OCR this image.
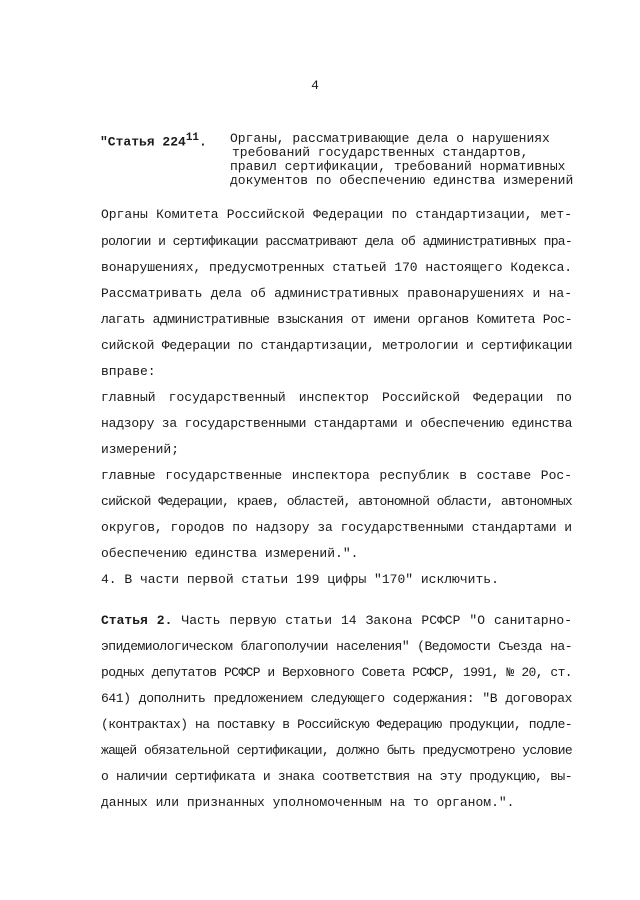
4
"Статья $224^{11}$. Органы, рассматривающие дела о нарушениях
требований государственных стандартов,
правил сертификации, требований нормативных
документов по обеспечению единства измерений
Органы Комитета Российской Федерации по стандартизации, мет-
рологии и сертификации рассматривают дела об административных пра-
вонарушениях, предусмотренных статьей 170 настоящего Кодекса.
Рассматривать дела об административных правонарушениях и на-
лагать административные взыскания от имени органов Комитета Рос-
сийской Федерации по стандартизации, метрологии и сертификации
вправе:
главный государственный инспектор Российской Федерации по
надзору за государственными стандартами и обеспечению единства
измерений;
главные государственные инспектора республик в составе Рос-
сийской Федерации, краев, областей, автономной области, автономных
округов, городов по надзору за государственными стандартами и
обеспечению единства измерений.".
4. В части первой статьи 199 цифры "170" исключить.
Статья 2. Часть первую статьи 14 Закона РСФСР "О санитарно-
эпидемиологическом благополучии населения" (Ведомости Съезда на-
родных депутатов РСФСР и Верховного Совета РСФСР, 1991, № 20, ст.
641) дополнить предложением следующего содержания: "В договорах
(контрактах) на поставку в Российскую Федерацию продукции, подле-
жащей обязательной сертификации, должно быть предусмотрено условие
о наличии сертификата и знака соответствия на эту продукцию, вы-
данных или признанных уполномоченным на то органом.".
